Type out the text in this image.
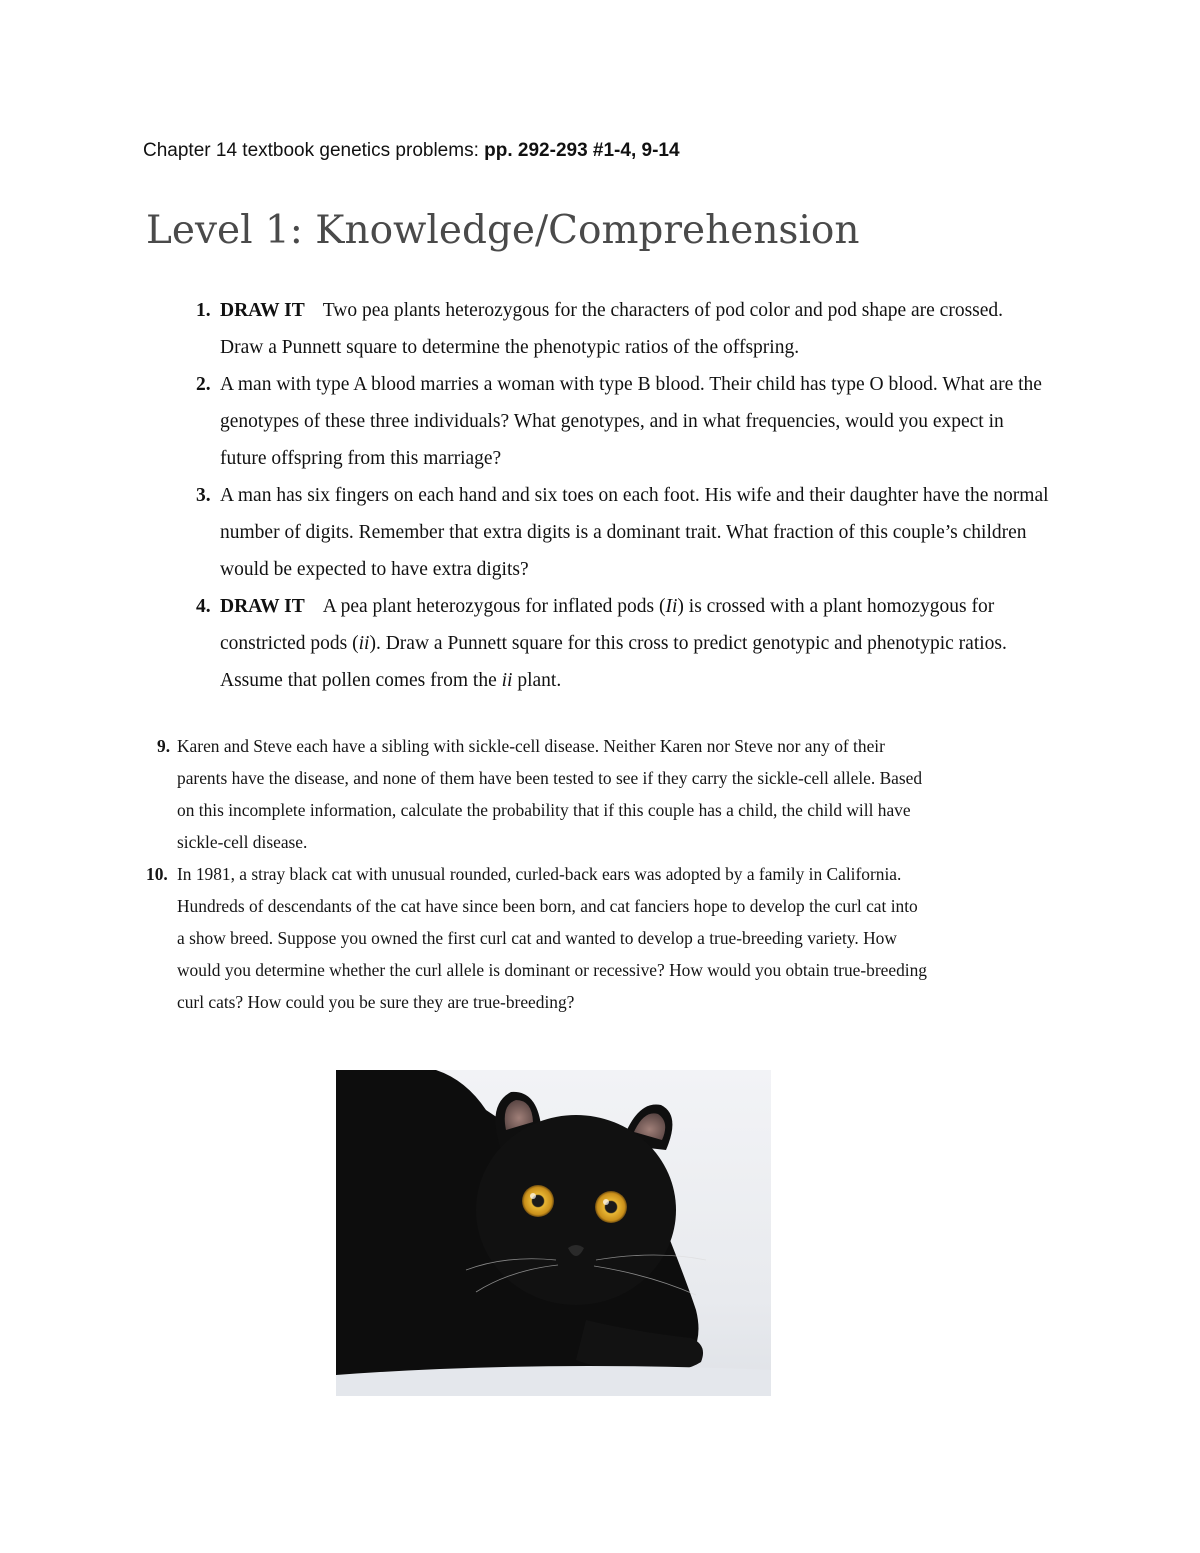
Chapter 14 textbook genetics problems: pp. 292-293 #1-4, 9-14
Level 1: Knowledge/Comprehension
1. DRAW IT Two pea plants heterozygous for the characters of pod color and pod shape are crossed. Draw a Punnett square to determine the phenotypic ratios of the offspring.
2. A man with type A blood marries a woman with type B blood. Their child has type O blood. What are the genotypes of these three individuals? What genotypes, and in what frequencies, would you expect in future offspring from this marriage?
3. A man has six fingers on each hand and six toes on each foot. His wife and their daughter have the normal number of digits. Remember that extra digits is a dominant trait. What fraction of this couple’s children would be expected to have extra digits?
4. DRAW IT A pea plant heterozygous for inflated pods (Ii) is crossed with a plant homozygous for constricted pods (ii). Draw a Punnett square for this cross to predict genotypic and phenotypic ratios. Assume that pollen comes from the ii plant.
9. Karen and Steve each have a sibling with sickle-cell disease. Neither Karen nor Steve nor any of their parents have the disease, and none of them have been tested to see if they carry the sickle-cell allele. Based on this incomplete information, calculate the probability that if this couple has a child, the child will have sickle-cell disease.
10. In 1981, a stray black cat with unusual rounded, curled-back ears was adopted by a family in California. Hundreds of descendants of the cat have since been born, and cat fanciers hope to develop the curl cat into a show breed. Suppose you owned the first curl cat and wanted to develop a true-breeding variety. How would you determine whether the curl allele is dominant or recessive? How would you obtain true-breeding curl cats? How could you be sure they are true-breeding?
